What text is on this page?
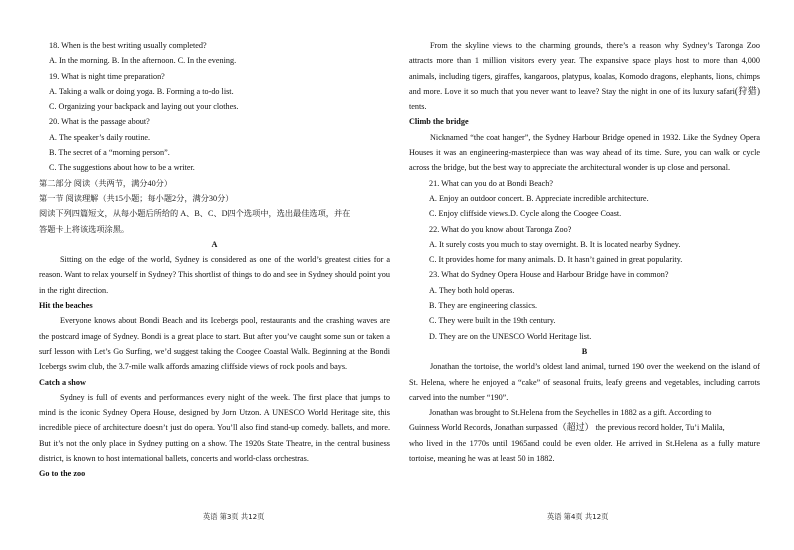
18. When is the best writing usually completed?
A. In the morning. B. In the afternoon. C. In the evening.
19. What is night time preparation?
A. Taking a walk or doing yoga. B. Forming a to-do list.
C. Organizing your backpack and laying out your clothes.
20. What is the passage about?
A. The speaker’s daily routine.
B. The secret of a “morning person”.
C. The suggestions about how to be a writer.
第二部分 阅读（共两节，满分40分）
第一节 阅读理解（共15小题；每小题2分，满分30分）
阅读下列四篇短文，从每小题后所给的 A、B、C、D四个选项中，选出最佳选项，并在
答题卡上将该选项涂黑。
A
Sitting on the edge of the world, Sydney is considered as one of the world’s greatest cities for a reason. Want to relax yourself in Sydney? This shortlist of things to do and see in Sydney should point you in the right direction.
Hit the beaches
Everyone knows about Bondi Beach and its Icebergs pool, restaurants and the crashing waves are the postcard image of Sydney. Bondi is a great place to start. But after you’ve caught some sun or taken a surf lesson with Let’s Go Surfing, we’d suggest taking the Coogee Coastal Walk. Beginning at the Bondi Icebergs swim club, the 3.7-mile walk affords amazing cliffside views of rock pools and bays.
Catch a show
Sydney is full of events and performances every night of the week. The first place that jumps to mind is the iconic Sydney Opera House, designed by Jorn Utzon. A UNESCO World Heritage site, this incredible piece of architecture doesn’t just do opera. You’ll also find stand-up comedy. ballets, and more. But it’s not the only place in Sydney putting on a show. The 1920s State Theatre, in the central business district, is known to host international ballets, concerts and world-class orchestras.
Go to the zoo
From the skyline views to the charming grounds, there’s a reason why Sydney’s Taronga Zoo attracts more than 1 million visitors every year. The expansive space plays host to more than 4,000 animals, including tigers, giraffes, kangaroos, platypus, koalas, Komodo dragons, elephants, lions, chimps and more. Love it so much that you never want to leave? Stay the night in one of its luxury safari(狩猎) tents.
Climb the bridge
Nicknamed “the coat hanger”, the Sydney Harbour Bridge opened in 1932. Like the Sydney Opera Houses it was an engineering-masterpiece than was way ahead of its time. Sure, you can walk or cycle across the bridge, but the best way to appreciate the architectural wonder is up close and personal.
21. What can you do at Bondi Beach?
A. Enjoy an outdoor concert. B. Appreciate incredible architecture.
C. Enjoy cliffside views.D. Cycle along the Coogee Coast.
22. What do you know about Taronga Zoo?
A. It surely costs you much to stay overnight. B. It is located nearby Sydney.
C. It provides home for many animals. D. It hasn’t gained in great popularity.
23. What do Sydney Opera House and Harbour Bridge have in common?
A. They both hold operas.
B. They are engineering classics.
C. They were built in the 19th century.
D. They are on the UNESCO World Heritage list.
B
Jonathan the tortoise, the world’s oldest land animal, turned 190 over the weekend on the island of St. Helena, where he enjoyed a “cake” of seasonal fruits, leafy greens and vegetables, including carrots carved into the number “190”.
Jonathan was brought to St.Helena from the Seychelles in 1882 as a gift. According to
Guinness World Records, Jonathan surpassed（超过） the previous record holder, Tu’i Malila,
who lived in the 1770s until 1965and could be even older. He arrived in St.Helena as a fully mature tortoise, meaning he was at least 50 in 1882.
英语 第3页 共12页	英语 第4页 共12页
